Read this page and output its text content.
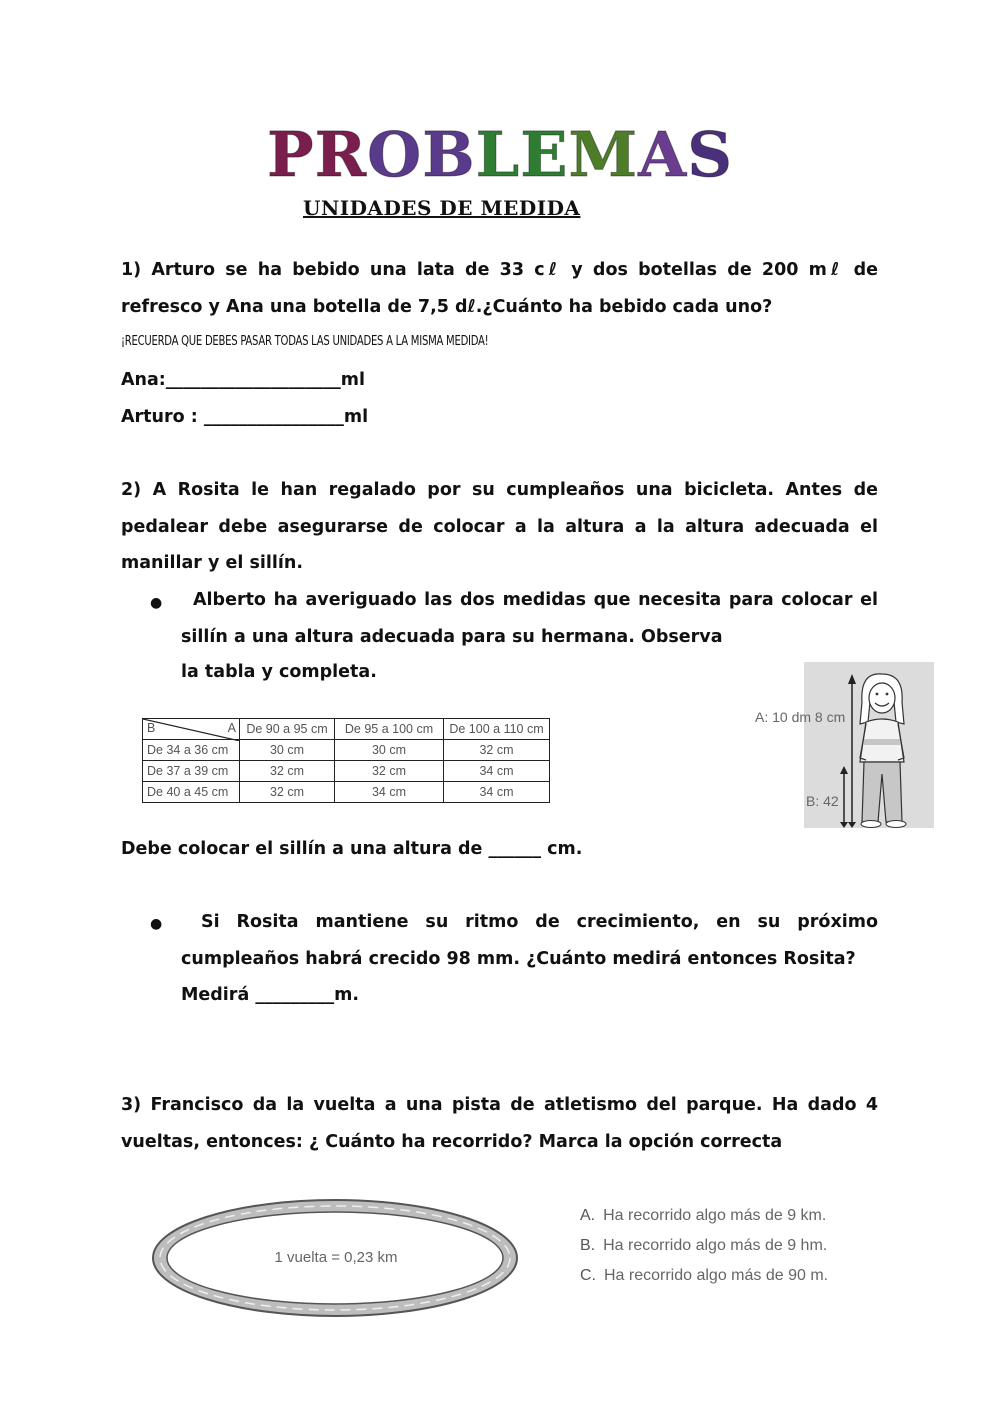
PROBLEMAS
UNIDADES DE MEDIDA
1) Arturo se ha bebido una lata de 33 cℓ y dos botellas de 200 mℓ de refresco y Ana una botella de 7,5 dℓ.¿Cuánto ha bebido cada uno?
¡RECUERDA QUE DEBES PASAR TODAS LAS UNIDADES A LA MISMA MEDIDA!
Ana:____________________ml
Arturo : ________________ml
2) A Rosita le han regalado por su cumpleaños una bicicleta. Antes de pedalear debe asegurarse de colocar a la altura a la altura adecuada el manillar y el sillín.
●	Alberto ha averiguado las dos medidas que necesita para colocar el sillín a una altura adecuada para su hermana. Observa
la tabla y completa.
B A	De 90 a 95 cm	De 95 a 100 cm	De 100 a 110 cm
De 34 a 36 cm	30 cm	30 cm	32 cm
De 37 a 39 cm	32 cm	32 cm	34 cm
De 40 a 45 cm	32 cm	34 cm	34 cm
A: 10 dm 8 cm
B: 42
Debe colocar el sillín a una altura de ______ cm.
●	Si Rosita mantiene su ritmo de crecimiento, en su próximo cumpleaños habrá crecido 98 mm. ¿Cuánto medirá entonces Rosita?
Medirá _________m.
3) Francisco da la vuelta a una pista de atletismo del parque. Ha dado 4 vueltas, entonces: ¿ Cuánto ha recorrido? Marca la opción correcta
1 vuelta = 0,23 km
A. Ha recorrido algo más de 9 km.
B. Ha recorrido algo más de 9 hm.
C. Ha recorrido algo más de 90 m.
